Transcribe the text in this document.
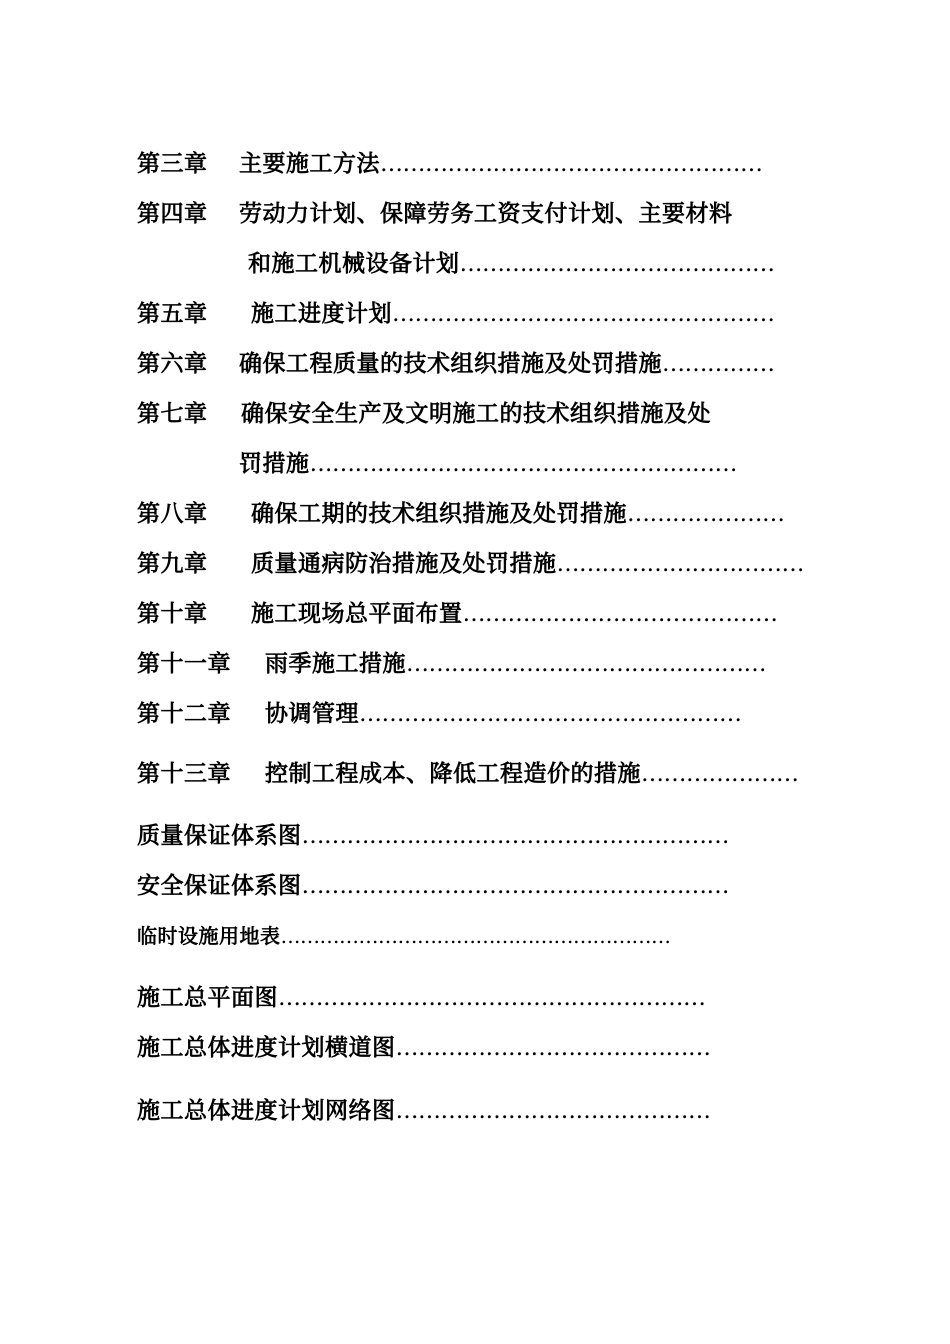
第三章 主要施工方法……………………………………………
第四章 劳动力计划、保障劳务工资支付计划、主要材料
和施工机械设备计划……………………………………
第五章 施工进度计划……………………………………………
第六章 确保工程质量的技术组织措施及处罚措施……………
第七章 确保安全生产及文明施工的技术组织措施及处
罚措施…………………………………………………
第八章 确保工期的技术组织措施及处罚措施…………………
第九章 质量通病防治措施及处罚措施……………………………
第十章 施工现场总平面布置……………………………………
第十一章 雨季施工措施…………………………………………
第十二章 协调管理……………………………………………
第十三章 控制工程成本、降低工程造价的措施…………………
质量保证体系图…………………………………………………
安全保证体系图…………………………………………………
临时设施用地表……………………………………………………
施工总平面图…………………………………………………
施工总体进度计划横道图……………………………………
施工总体进度计划网络图……………………………………
